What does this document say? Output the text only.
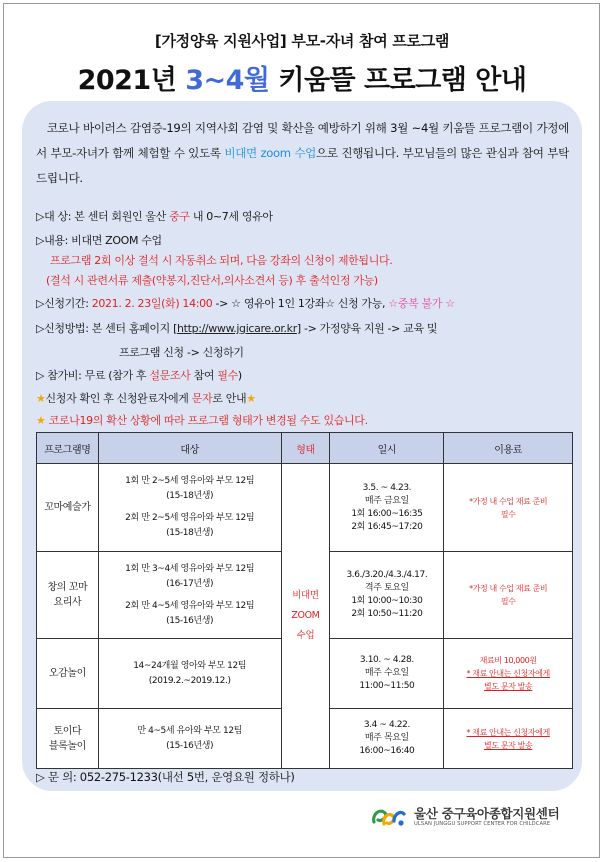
[가정양육 지원사업] 부모-자녀 참여 프로그램
2021년 3~4월 키움뜰 프로그램 안내
코로나 바이러스 감염증-19의 지역사회 감염 및 확산을 예방하기 위해 3월 ~4월 키움뜰 프로그램이 가정에서 부모-자녀가 함께 체험할 수 있도록 비대면 zoom 수업으로 진행됩니다. 부모님들의 많은 관심과 참여 부탁드립니다.
▷대 상: 본 센터 회원인 울산 중구 내 0~7세 영유아
▷내용: 비대면 ZOOM 수업
프로그램 2회 이상 결석 시 자동취소 되며, 다음 강좌의 신청이 제한됩니다.
(결석 시 관련서류 제출(약봉지,진단서,의사소견서 등) 후 출석인정 가능)
▷신청기간: 2021. 2. 23일(화) 14:00 -> ☆ 영유아 1인 1강좌☆ 신청 가능, ☆중복 불가 ☆
▷신청방법: 본 센터 홈페이지 [http://www.jgicare.or.kr] -> 가정양육 지원 -> 교육 및
프로그램 신청 -> 신청하기
▷ 참가비: 무료 (참가 후 설문조사 참여 필수)
★신청자 확인 후 신청완료자에게 문자로 안내★
★ 코로나19의 확산 상황에 따라 프로그램 형태가 변경될 수도 있습니다.
프로그램명	대상	형태	일시	이용료

꼬마예술가	1회 만 2~5세 영유아와 부모 12팀
(15-18년생)
2회 만 2~5세 영유아와 부모 12팀
(15-18년생)	비대면
ZOOM
수업	3.5. ~ 4.23.
매주 금요일
1회 16:00~16:35
2회 16:45~17:20	*가정 내 수업 재료 준비
필수

창의 꼬마
요리사	1회 만 3~4세 영유아와 부모 12팀
(16-17년생)
2회 만 4~5세 영유아와 부모 12팀
(15-16년생)		3.6./3.20./4.3./4.17.
격주 토요일
1회 10:00~10:30
2회 10:50~11:20	*가정 내 수업 재료 준비
필수

오감놀이	14~24개월 영아와 부모 12팀
(2019.2.~2019.12.)		3.10. ~ 4.28.
매주 수요일
11:00~11:50	재료비 10,000원
* 재료 안내는 신청자에게
별도 문자 발송

토이다
블록놀이	만 4~5세 유아와 부모 12팀
(15-16년생)		3.4 ~ 4.22.
매주 목요일
16:00~16:40	* 재료 안내는 신청자에게
별도 문자 발송
▷ 문 의: 052-275-1233(내선 5번, 운영요원 정하나)
울산 중구육아종합지원센터
ULSAN JUNGGU SUPPORT CENTER FOR CHILDCARE
